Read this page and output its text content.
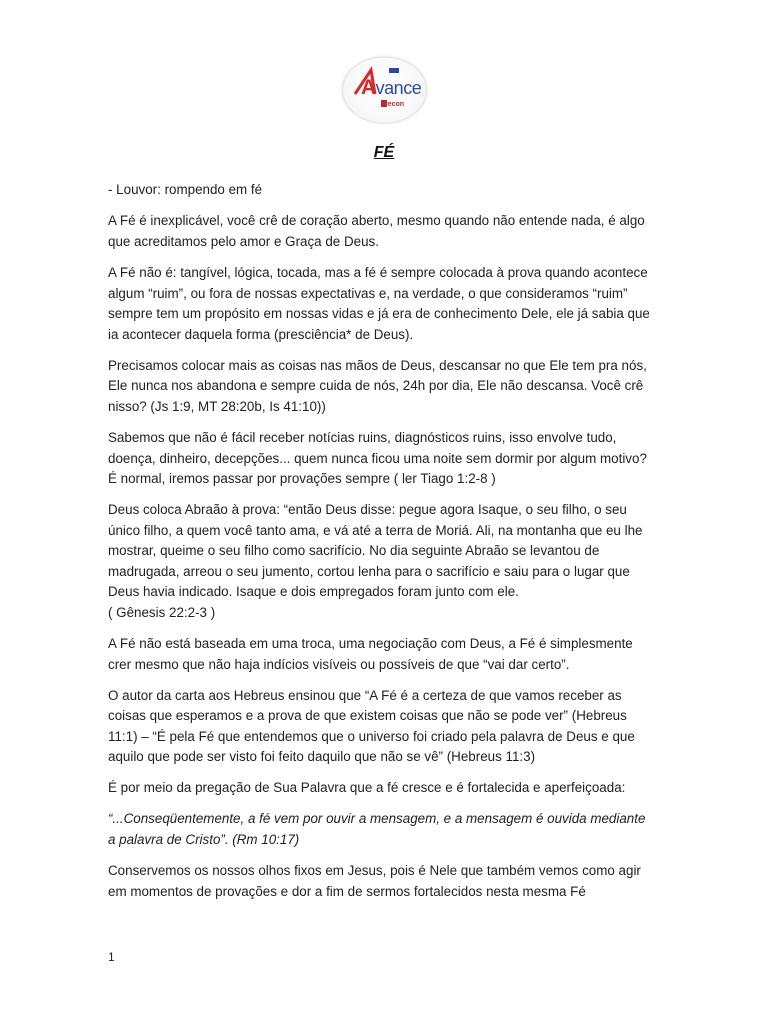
Avance
recon
FÉ

- Louvor: rompendo em fé

A Fé é inexplicável, você crê de coração aberto, mesmo quando não entende nada, é algo que acreditamos pelo amor e Graça de Deus.

A Fé não é: tangível, lógica, tocada, mas a fé é sempre colocada à prova quando acontece algum “ruim”, ou fora de nossas expectativas e, na verdade, o que consideramos “ruim” sempre tem um propósito em nossas vidas e já era de conhecimento Dele, ele já sabia que ia acontecer daquela forma (presciência* de Deus).

Precisamos colocar mais as coisas nas mãos de Deus, descansar no que Ele tem pra nós, Ele nunca nos abandona e sempre cuida de nós, 24h por dia, Ele não descansa. Você crê nisso? (Js 1:9, MT 28:20b, Is 41:10))

Sabemos que não é fácil receber notícias ruins, diagnósticos ruins, isso envolve tudo, doença, dinheiro, decepções... quem nunca ficou uma noite sem dormir por algum motivo? É normal, iremos passar por provações sempre ( ler Tiago 1:2-8 )

Deus coloca Abraão à prova: “então Deus disse: pegue agora Isaque, o seu filho, o seu único filho, a quem você tanto ama, e vá até a terra de Moriá. Ali, na montanha que eu lhe mostrar, queime o seu filho como sacrifício. No dia seguinte Abraão se levantou de madrugada, arreou o seu jumento, cortou lenha para o sacrifício e saiu para o lugar que Deus havia indicado. Isaque e dois empregados foram junto com ele.
( Gênesis 22:2-3 )

A Fé não está baseada em uma troca, uma negociação com Deus, a Fé é simplesmente crer mesmo que não haja indícios visíveis ou possíveis de que “vai dar certo”.

O autor da carta aos Hebreus ensinou que “A Fé é a certeza de que vamos receber as coisas que esperamos e a prova de que existem coisas que não se pode ver” (Hebreus 11:1) – “É pela Fé que entendemos que o universo foi criado pela palavra de Deus e que aquilo que pode ser visto foi feito daquilo que não se vê” (Hebreus 11:3)

É por meio da pregação de Sua Palavra que a fé cresce e é fortalecida e aperfeiçoada:

“...Conseqüentemente, a fé vem por ouvir a mensagem, e a mensagem é ouvida mediante a palavra de Cristo”. (Rm 10:17)

Conservemos os nossos olhos fixos em Jesus, pois é Nele que também vemos como agir em momentos de provações e dor a fim de sermos fortalecidos nesta mesma Fé

1
